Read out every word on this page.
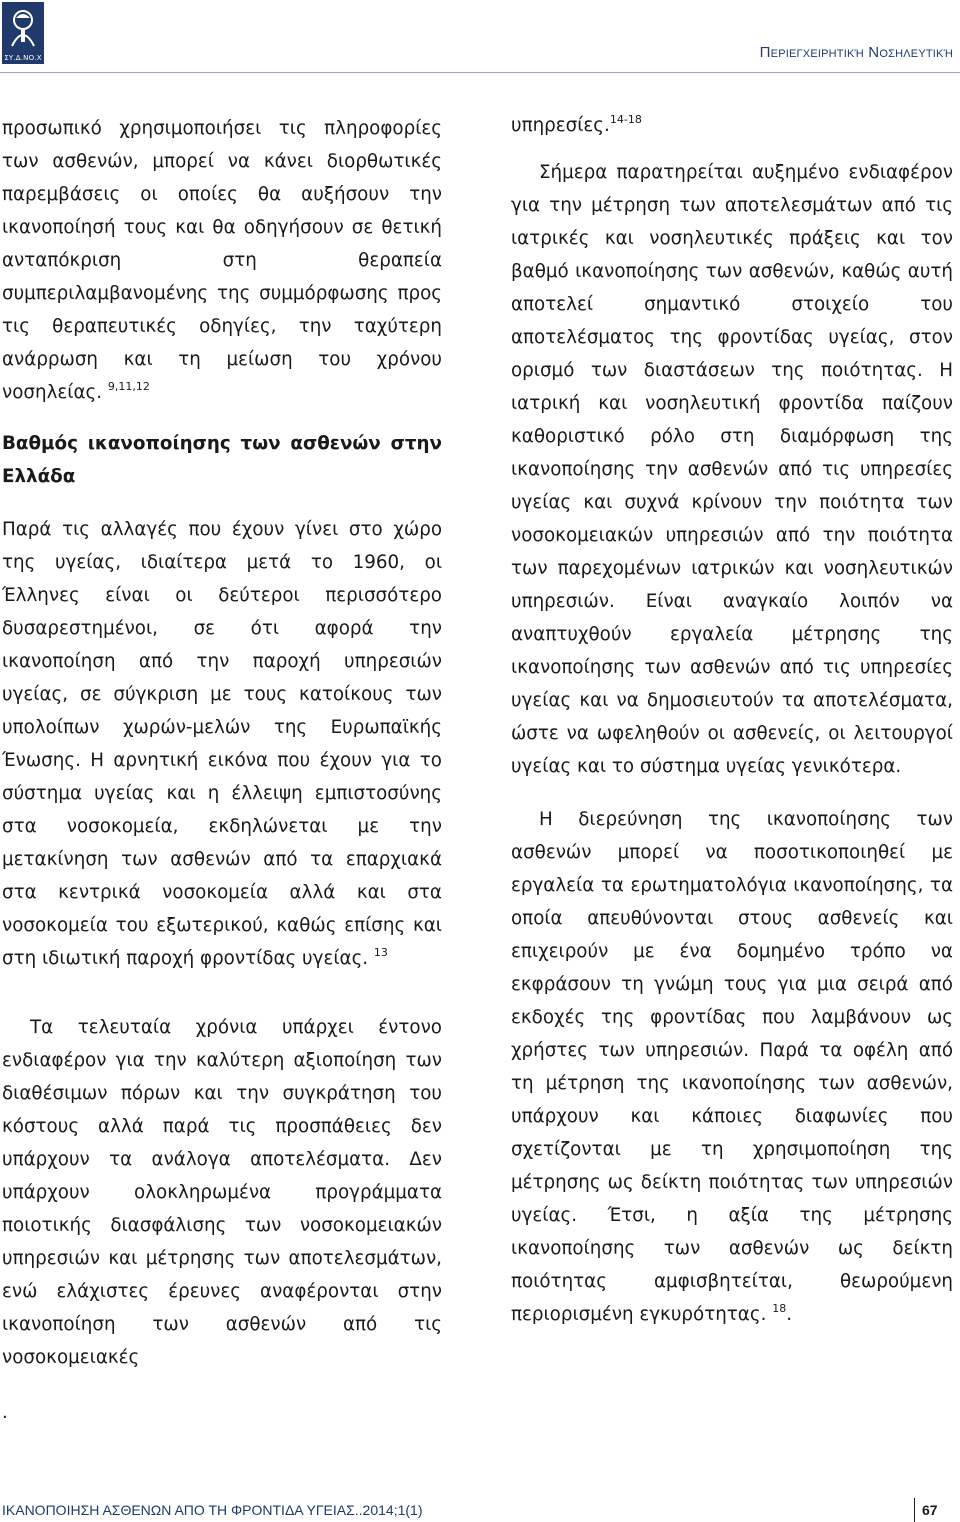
ΣΥ.Δ.ΝΟ.Χ	Περιεγχειρητική Νοσηλευτική

προσωπικό χρησιμοποιήσει τις πληροφορίες των ασθενών, μπορεί να κάνει διορθωτικές παρεμβάσεις οι οποίες θα αυξήσουν την ικανοποίησή τους και θα οδηγήσουν σε θετική ανταπόκριση στη θεραπεία συμπεριλαμβανομένης της συμμόρφωσης προς τις θεραπευτικές οδηγίες, την ταχύτερη ανάρρωση και τη μείωση του χρόνου νοσηλείας. $^{9,11,12}$

Βαθμός ικανοποίησης των ασθενών στην Ελλάδα

Παρά τις αλλαγές που έχουν γίνει στο χώρο της υγείας, ιδιαίτερα μετά το 1960, οι Έλληνες είναι οι δεύτεροι περισσότερο δυσαρεστημένοι, σε ότι αφορά την ικανοποίηση από την παροχή υπηρεσιών υγείας, σε σύγκριση με τους κατοίκους των υπολοίπων χωρών-μελών της Ευρωπαϊκής Ένωσης. Η αρνητική εικόνα που έχουν για το σύστημα υγείας και η έλλειψη εμπιστοσύνης στα νοσοκομεία, εκδηλώνεται με την μετακίνηση των ασθενών από τα επαρχιακά στα κεντρικά νοσοκομεία αλλά και στα νοσοκομεία του εξωτερικού, καθώς επίσης και στη ιδιωτική παροχή φροντίδας υγείας. $^{13}$

Τα τελευταία χρόνια υπάρχει έντονο ενδιαφέρον για την καλύτερη αξιοποίηση των διαθέσιμων πόρων και την συγκράτηση του κόστους αλλά παρά τις προσπάθειες δεν υπάρχουν τα ανάλογα αποτελέσματα. Δεν υπάρχουν ολοκληρωμένα προγράμματα ποιοτικής διασφάλισης των νοσοκομειακών υπηρεσιών και μέτρησης των αποτελεσμάτων, ενώ ελάχιστες έρευνες αναφέρονται στην ικανοποίηση των ασθενών από τις νοσοκομειακές

.

υπηρεσίες.$^{14-18}$

Σήμερα παρατηρείται αυξημένο ενδιαφέρον για την μέτρηση των αποτελεσμάτων από τις ιατρικές και νοσηλευτικές πράξεις και τον βαθμό ικανοποίησης των ασθενών, καθώς αυτή αποτελεί σημαντικό στοιχείο του αποτελέσματος της φροντίδας υγείας, στον ορισμό των διαστάσεων της ποιότητας. Η ιατρική και νοσηλευτική φροντίδα παίζουν καθοριστικό ρόλο στη διαμόρφωση της ικανοποίησης την ασθενών από τις υπηρεσίες υγείας και συχνά κρίνουν την ποιότητα των νοσοκομειακών υπηρεσιών από την ποιότητα των παρεχομένων ιατρικών και νοσηλευτικών υπηρεσιών. Είναι αναγκαίο λοιπόν να αναπτυχθούν εργαλεία μέτρησης της ικανοποίησης των ασθενών από τις υπηρεσίες υγείας και να δημοσιευτούν τα αποτελέσματα, ώστε να ωφεληθούν οι ασθενείς, οι λειτουργοί υγείας και το σύστημα υγείας γενικότερα.

Η διερεύνηση της ικανοποίησης των ασθενών μπορεί να ποσοτικοποιηθεί με εργαλεία τα ερωτηματολόγια ικανοποίησης, τα οποία απευθύνονται στους ασθενείς και επιχειρούν με ένα δομημένο τρόπο να εκφράσουν τη γνώμη τους για μια σειρά από εκδοχές της φροντίδας που λαμβάνουν ως χρήστες των υπηρεσιών. Παρά τα οφέλη από τη μέτρηση της ικανοποίησης των ασθενών, υπάρχουν και κάποιες διαφωνίες που σχετίζονται με τη χρησιμοποίηση της μέτρησης ως δείκτη ποιότητας των υπηρεσιών υγείας. Έτσι, η αξία της μέτρησης ικανοποίησης των ασθενών ως δείκτη ποιότητας αμφισβητείται, θεωρούμενη περιορισμένη εγκυρότητας. $^{18}$.

ΙΚΑΝΟΠΟΙΗΣΗ ΑΣΘΕΝΩΝ ΑΠΟ ΤΗ ΦΡΟΝΤΙΔΑ ΥΓΕΙΑΣ..2014;1(1)	67
